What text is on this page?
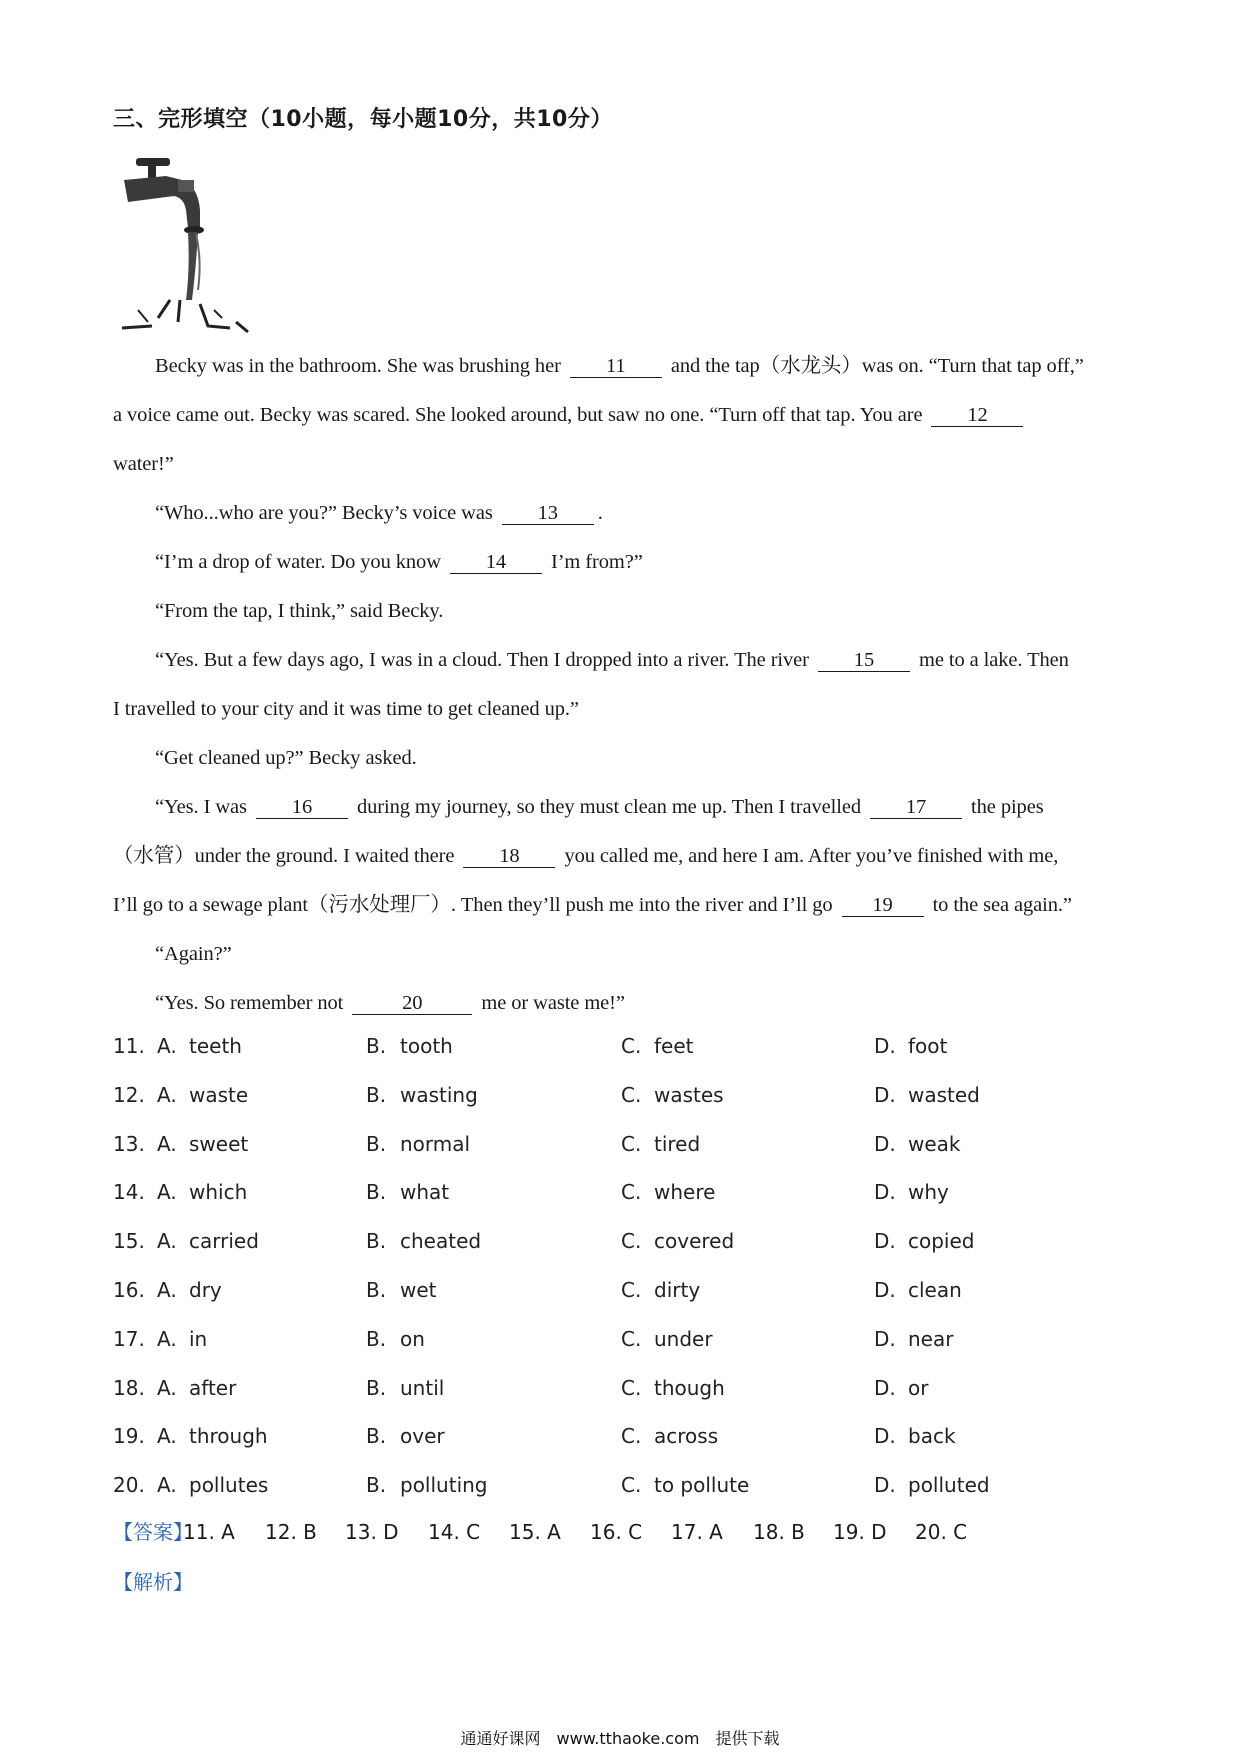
三、完形填空（10小题，每小题10分，共10分）
Becky was in the bathroom. She was brushing her 11 and the tap（水龙头）was on. “Turn that tap off,”
a voice came out. Becky was scared. She looked around, but saw no one. “Turn off that tap. You are 12
water!”
“Who...who are you?” Becky’s voice was 13 .
“I’m a drop of water. Do you know 14 I’m from?”
“From the tap, I think,” said Becky.
“Yes. But a few days ago, I was in a cloud. Then I dropped into a river. The river 15 me to a lake. Then
I travelled to your city and it was time to get cleaned up.”
“Get cleaned up?” Becky asked.
“Yes. I was 16 during my journey, so they must clean me up. Then I travelled 17 the pipes
（水管）under the ground. I waited there 18 you called me, and here I am. After you’ve finished with me,
I’ll go to a sewage plant（污水处理厂）. Then they’ll push me into the river and I’ll go 19 to the sea again.”
“Again?”
“Yes. So remember not	20	me or waste me!”
11. A. teeth	B. tooth	C. feet	D. foot
12. A. waste	B. wasting	C. wastes	D. wasted
13. A. sweet	B. normal	C. tired	D. weak
14. A. which	B. what	C. where	D. why
15. A. carried	B. cheated	C. covered	D. copied
16. A. dry	B. wet	C. dirty	D. clean
17. A. in	B. on	C. under	D. near
18. A. after	B. until	C. though	D. or
19. A. through	B. over	C. across	D. back
20. A. pollutes	B. polluting	C. to pollute	D. polluted
【答案】
11. A 12. B 13. D 14. C 15. A 16. C 17. A 18. B 19. D 20. C
【解析】
通通好课网　www.tthaoke.com　提供下载
